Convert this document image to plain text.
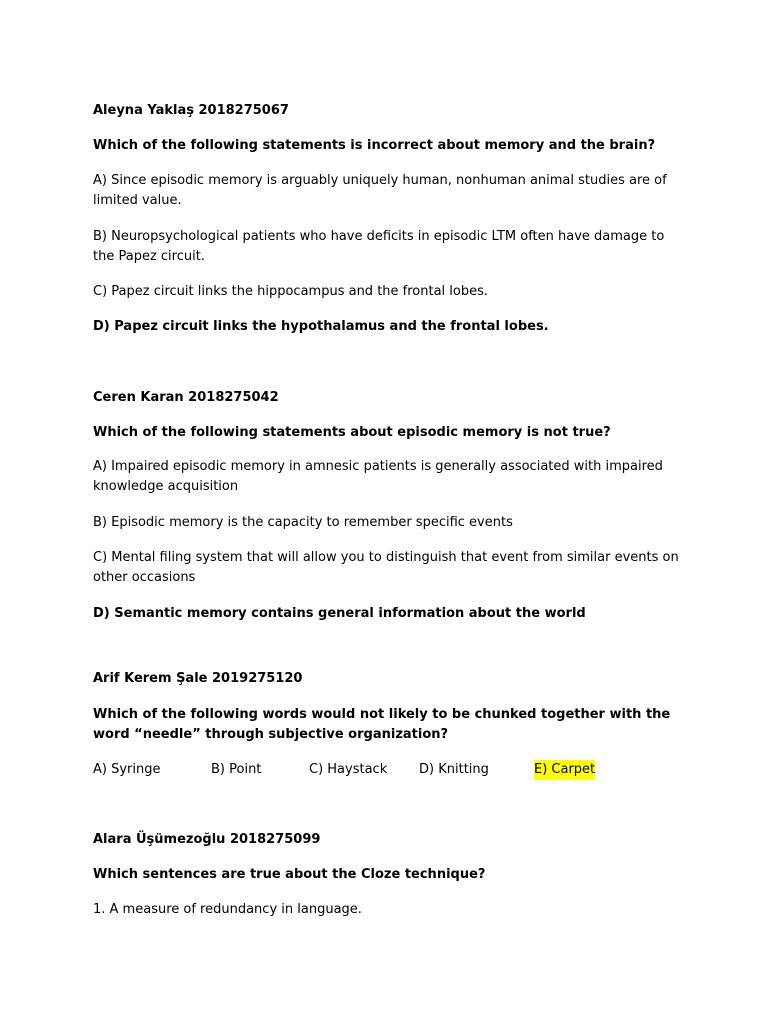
Aleyna Yaklaş 2018275067
Which of the following statements is incorrect about memory and the brain?
A) Since episodic memory is arguably uniquely human, nonhuman animal studies are of limited value.
B) Neuropsychological patients who have deficits in episodic LTM often have damage to the Papez circuit.
C) Papez circuit links the hippocampus and the frontal lobes.
D) Papez circuit links the hypothalamus and the frontal lobes.
Ceren Karan 2018275042
Which of the following statements about episodic memory is not true?
A) Impaired episodic memory in amnesic patients is generally associated with impaired knowledge acquisition
B) Episodic memory is the capacity to remember specific events
C) Mental filing system that will allow you to distinguish that event from similar events on other occasions
D) Semantic memory contains general information about the world
Arif Kerem Şale 2019275120
Which of the following words would not likely to be chunked together with the word “needle” through subjective organization?
A) Syringe	B) Point	C) Haystack D) Knitting	E) Carpet
Alara Üşümezoğlu 2018275099
Which sentences are true about the Cloze technique?
1. A measure of redundancy in language.
